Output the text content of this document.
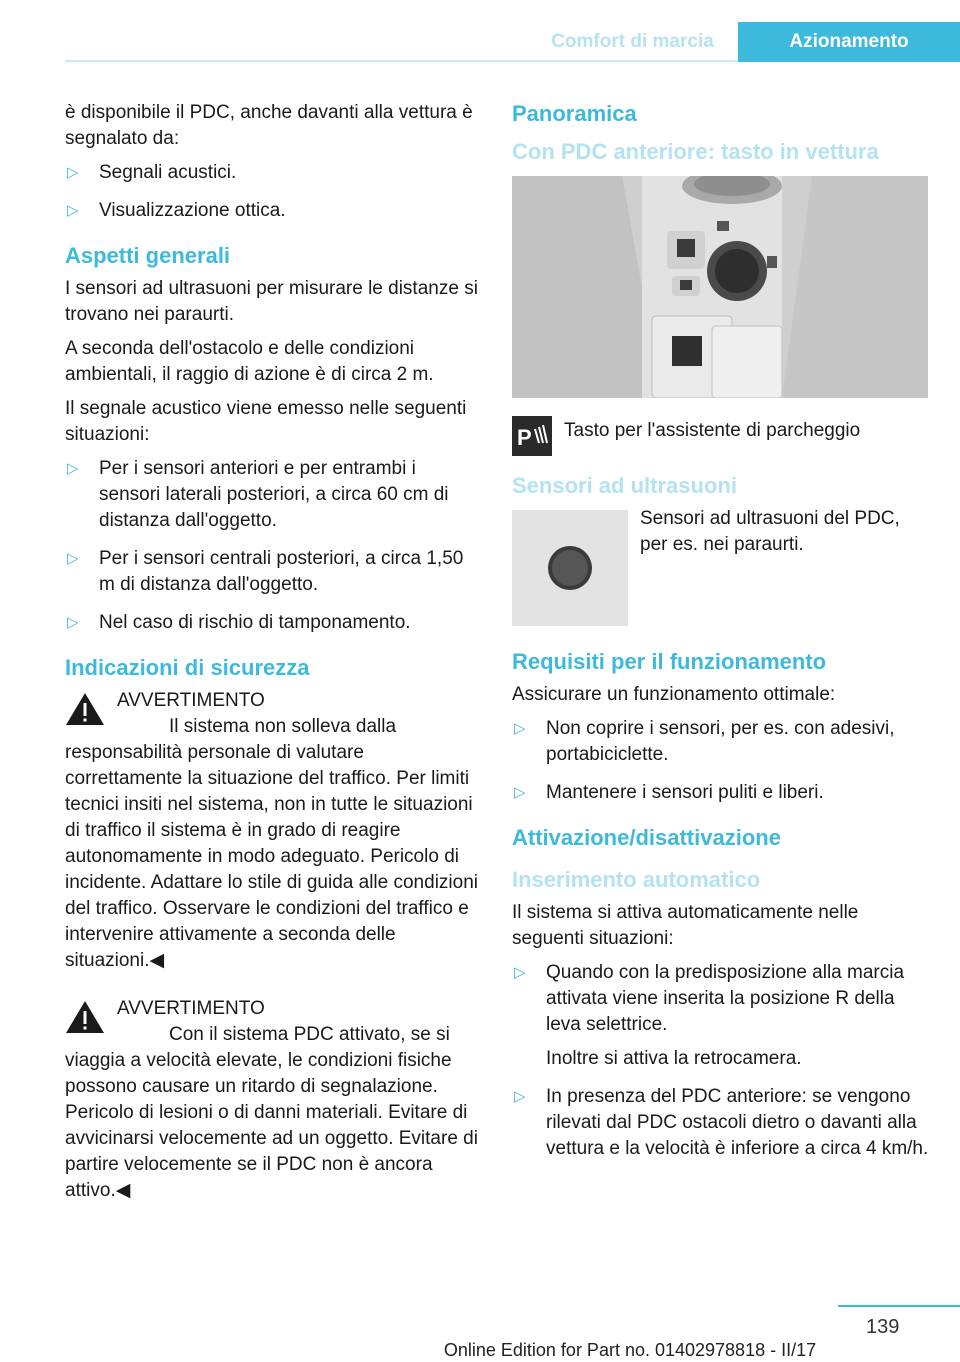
Comfort di marcia	Azionamento

è disponibile il PDC, anche davanti alla vettura è segnalato da:

▷ Segnali acustici.
▷ Visualizzazione ottica.
Aspetti generali

I sensori ad ultrasuoni per misurare le distanze si trovano nei paraurti.

A seconda dell'ostacolo e delle condizioni ambientali, il raggio di azione è di circa 2 m.

Il segnale acustico viene emesso nelle seguenti situazioni:

▷ Per i sensori anteriori e per entrambi i sensori laterali posteriori, a circa 60 cm di distanza dall'oggetto.
▷ Per i sensori centrali posteriori, a circa 1,50 m di distanza dall'oggetto.
▷ Nel caso di rischio di tamponamento.
Indicazioni di sicurezza
AVVERTIMENTO

Il sistema non solleva dalla responsabilità personale di valutare correttamente la situazione del traffico. Per limiti tecnici insiti nel sistema, non in tutte le situazioni di traffico il sistema è in grado di reagire autonomamente in modo adeguato. Pericolo di incidente. Adattare lo stile di guida alle condizioni del traffico. Osservare le condizioni del traffico e intervenire attivamente a seconda delle situazioni.◀

AVVERTIMENTO

Con il sistema PDC attivato, se si viaggia a velocità elevate, le condizioni fisiche possono causare un ritardo di segnalazione. Pericolo di lesioni o di danni materiali. Evitare di avvicinarsi velocemente ad un oggetto. Evitare di partire velocemente se il PDC non è ancora attivo.◀

Panoramica
Con PDC anteriore: tasto in vettura
P Tasto per l'assistente di parcheggio

Sensori ad ultrasuoni

Sensori ad ultrasuoni del PDC, per es. nei paraurti.

Requisiti per il funzionamento

Assicurare un funzionamento ottimale:

▷ Non coprire i sensori, per es. con adesivi, portabiciclette.
▷ Mantenere i sensori puliti e liberi.
Attivazione/disattivazione
Inserimento automatico

Il sistema si attiva automaticamente nelle seguenti situazioni:

▷ Quando con la predisposizione alla marcia attivata viene inserita la posizione R della leva selettrice.
Inoltre si attiva la retrocamera.
▷ In presenza del PDC anteriore: se vengono rilevati dal PDC ostacoli dietro o davanti alla vettura e la velocità è inferiore a circa 4 km/h.
139
Online Edition for Part no. 01402978818 - II/17
